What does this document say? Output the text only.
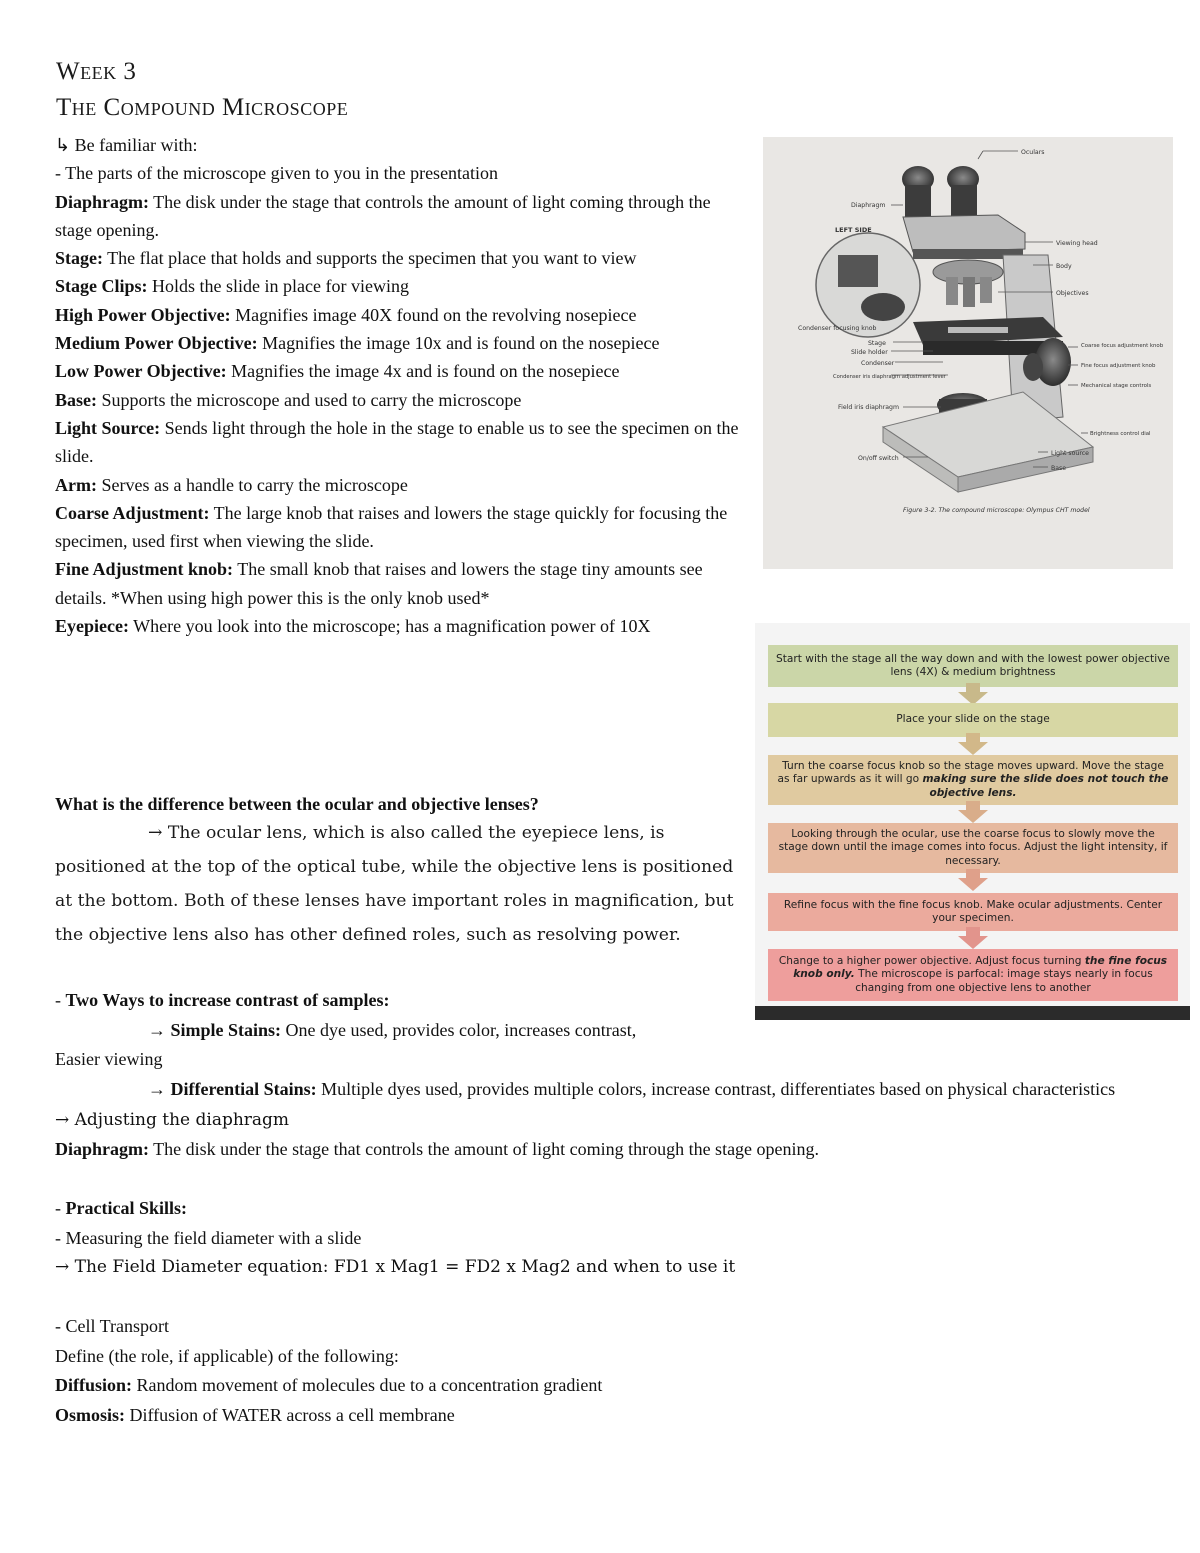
Week 3
The Compound Microscope

↳ Be familiar with:

- The parts of the microscope given to you in the presentation

Diaphragm: The disk under the stage that controls the amount of light coming through the stage opening.

Stage: The flat place that holds and supports the specimen that you want to view

Stage Clips: Holds the slide in place for viewing

High Power Objective: Magnifies image 40X found on the revolving nosepiece

Medium Power Objective: Magnifies the image 10x and is found on the nosepiece

Low Power Objective: Magnifies the image 4x and is found on the nosepiece

Base: Supports the microscope and used to carry the microscope

Light Source: Sends light through the hole in the stage to enable us to see the specimen on the slide.

Arm: Serves as a handle to carry the microscope

Coarse Adjustment: The large knob that raises and lowers the stage quickly for focusing the specimen, used first when viewing the slide.

Fine Adjustment knob: The small knob that raises and lowers the stage tiny amounts see details. *When using high power this is the only knob used*

Eyepiece: Where you look into the microscope; has a magnification power of 10X

What is the difference between the ocular and objective lenses?

→ The ocular lens, which is also called the eyepiece lens, is positioned at the top of the optical tube, while the objective lens is positioned at the bottom. Both of these lenses have important roles in magnification, but the objective lens also has other defined roles, such as resolving power.

- Two Ways to increase contrast of samples:

→ Simple Stains: One dye used, provides color, increases contrast,

Easier viewing

→ Differential Stains: Multiple dyes used, provides multiple colors, increase contrast, differentiates based on physical characteristics

→ Adjusting the diaphragm

Diaphragm: The disk under the stage that controls the amount of light coming through the stage opening.

- Practical Skills:

- Measuring the field diameter with a slide

→ The Field Diameter equation: FD1 x Mag1 = FD2 x Mag2 and when to use it

- Cell Transport

Define (the role, if applicable) of the following:

Diffusion: Random movement of molecules due to a concentration gradient

Osmosis: Diffusion of WATER across a cell membrane

Oculars
Diaphragm
Viewing head
Body
Objectives
Condenser focusing knob
Stage
Slide holder
Condenser
Condenser iris diaphragm adjustment lever
Coarse focus adjustment knob
Fine focus adjustment knob
Mechanical stage controls
Field iris diaphragm
Brightness control dial
Light source
On/off switch
Base
LEFT SIDE
Figure 3-2. The compound microscope: Olympus CHT model
Start with the stage all the way down and with the lowest power objective lens (4X) & medium brightness
Place your slide on the stage
Turn the coarse focus knob so the stage moves upward. Move the stage as far upwards as it will go making sure the slide does not touch the objective lens.
Looking through the ocular, use the coarse focus to slowly move the stage down until the image comes into focus. Adjust the light intensity, if necessary.
Refine focus with the fine focus knob. Make ocular adjustments. Center your specimen.
Change to a higher power objective. Adjust focus turning the fine focus knob only. The microscope is parfocal: image stays nearly in focus changing from one objective lens to another
